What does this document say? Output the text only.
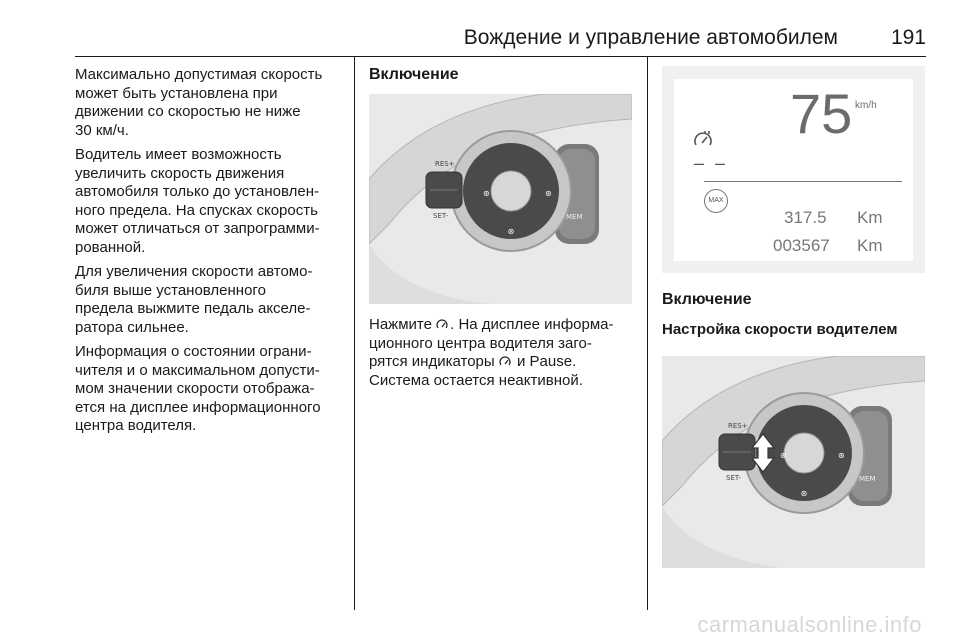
Вождение и управление автомобилем	191

Максимально допустимая скорость
может быть установлена при
движении со скоростью не ниже
30 км/ч.

Водитель имеет возможность
увеличить скорость движения
автомобиля только до установлен‐
ного предела. На спусках скорость
может отличаться от запрограмми‐
рованной.

Для увеличения скорости автомо‐
биля выше установленного
предела выжмите педаль акселе‐
ратора сильнее.

Информация о состоянии ограни‐
чителя и о максимальном допусти‐
мом значении скорости отобража‐
ется на дисплее информационного
центра водителя.

Включение
⊛	⊛
⊛
RES+
SET-	MEM

Нажмите . На дисплее информа‐
ционного центра водителя заго‐
рятся индикаторы  и Pause.
Система остается неактивной.

75 km/h
– –
MAX
317.5 Km
003567 Km
Включение
Настройка скорости водителем
⊛	⊛
⊛
RES+
SET-	MEM
carmanualsonline.info
